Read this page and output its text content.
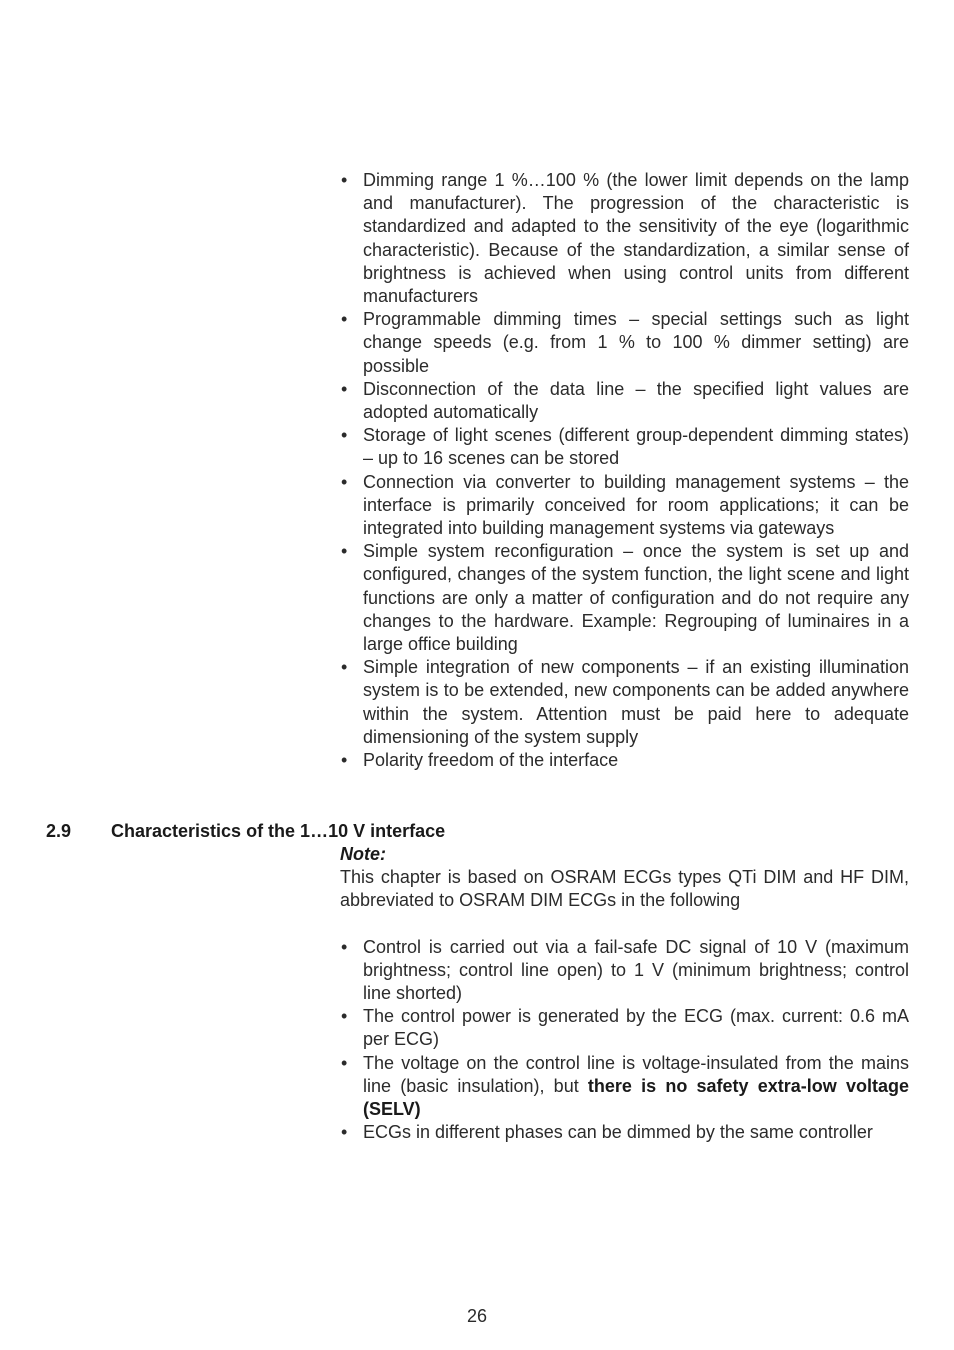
• Dimming range 1 %…100 % (the lower limit depends on the lamp and manufacturer). The progression of the characteristic is standardized and adapted to the sensitivity of the eye (logarithmic characteristic). Because of the standardization, a similar sense of brightness is achieved when using control units from different manufacturers
• Programmable dimming times – special settings such as light change speeds (e.g. from 1 % to 100 % dimmer setting) are possible
• Disconnection of the data line – the specified light values are adopted automatically
• Storage of light scenes (different group-dependent dimming states) – up to 16 scenes can be stored
• Connection via converter to building management systems – the interface is primarily conceived for room applications; it can be integrated into building management systems via gateways
• Simple system reconfiguration – once the system is set up and configured, changes of the system function, the light scene and light functions are only a matter of configuration and do not require any changes to the hardware. Example: Regrouping of luminaires in a large office building
• Simple integration of new components – if an existing illumination system is to be extended, new components can be added anywhere within the system. Attention must be paid here to adequate dimensioning of the system supply
• Polarity freedom of the interface
2.9 Characteristics of the 1…10 V interface
Note:

This chapter is based on OSRAM ECGs types QTi DIM and HF DIM, abbreviated to OSRAM DIM ECGs in the following

• Control is carried out via a fail-safe DC signal of 10 V (maximum brightness; control line open) to 1 V (minimum brightness; control line shorted)
• The control power is generated by the ECG (max. current: 0.6 mA per ECG)
• The voltage on the control line is voltage-insulated from the mains line (basic insulation), but there is no safety extra-low voltage (SELV)
• ECGs in different phases can be dimmed by the same controller
26
